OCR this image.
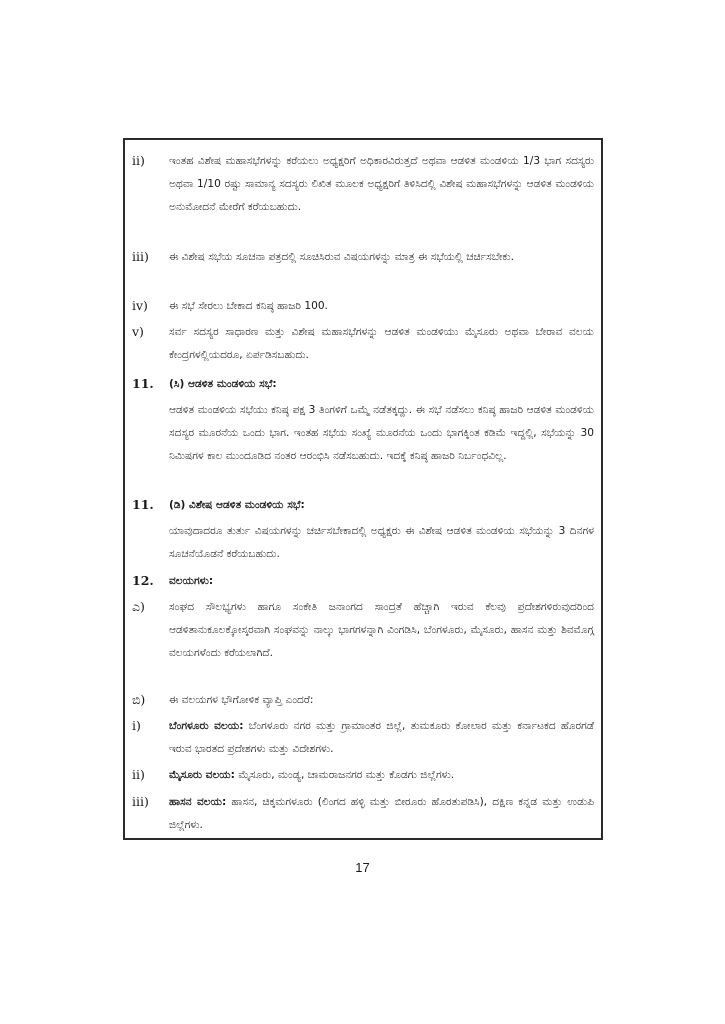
ii)	ಇಂತಹ ವಿಶೇಷ ಮಹಾಸಭೆಗಳನ್ನು ಕರೆಯಲು ಅಧ್ಯಕ್ಷರಿಗೆ ಅಧಿಕಾರವಿರುತ್ತದೆ ಅಥವಾ ಆಡಳಿತ ಮಂಡಳಿಯ 1/3 ಭಾಗ ಸದಸ್ಯರು ಅಥವಾ 1/10 ರಷ್ಟು ಸಾಮಾನ್ಯ ಸದಸ್ಯರು ಲಿಖಿತ ಮೂಲಕ ಅಧ್ಯಕ್ಷರಿಗೆ ತಿಳಿಸಿದಲ್ಲಿ ವಿಶೇಷ ಮಹಾಸಭೆಗಳನ್ನು ಆಡಳಿತ ಮಂಡಳಿಯ ಅನುಮೋದನೆ ಮೇರೆಗೆ ಕರೆಯಬಹುದು.
iii)	ಈ ವಿಶೇಷ ಸಭೆಯ ಸೂಚನಾ ಪತ್ರದಲ್ಲಿ ಸೂಚಿಸಿರುವ ವಿಷಯಗಳನ್ನು ಮಾತ್ರ ಈ ಸಭೆಯಲ್ಲಿ ಚರ್ಚಿಸಬೇಕು.
iv)	ಈ ಸಭೆ ಸೇರಲು ಬೇಕಾದ ಕನಿಷ್ಠ ಹಾಜರಿ 100.
v)	ಸರ್ವ ಸದಸ್ಯರ ಸಾಧಾರಣ ಮತ್ತು ವಿಶೇಷ ಮಹಾಸಭೆಗಳನ್ನು ಆಡಳಿತ ಮಂಡಳಿಯು ಮೈಸೂರು ಅಥವಾ ಬೇರಾವ ವಲಯ ಕೇಂದ್ರಗಳಲ್ಲಿಯದರೂ, ಏರ್ಪಡಿಸಬಹುದು.
11.	(ಸಿ) ಆಡಳಿತ ಮಂಡಳಿಯ ಸಭೆ:
ಆಡಳಿತ ಮಂಡಳಿಯ ಸಭೆಯು ಕನಿಷ್ಠ ಪಕ್ಷ 3 ತಿಂಗಳಿಗೆ ಒಮ್ಮೆ ನಡೆತಕ್ಕದ್ದು. ಈ ಸಭೆ ನಡೆಸಲು ಕನಿಷ್ಠ ಹಾಜರಿ ಆಡಳಿತ ಮಂಡಳಿಯ ಸದಸ್ಯರ ಮೂರನೆಯ ಒಂದು ಭಾಗ. ಇಂತಹ ಸಭೆಯ ಸಂಖ್ಯೆ ಮೂರನೆಯ ಒಂದು ಭಾಗಕ್ಕಿಂತ ಕಡಿಮೆ ಇದ್ದಲ್ಲಿ, ಸಭೆಯನ್ನು 30 ನಿಮಿಷಗಳ ಕಾಲ ಮುಂದೂಡಿದ ನಂತರ ಆರಂಭಿಸಿ ನಡೆಸಬಹುದು. ಇದಕ್ಕೆ ಕನಿಷ್ಠ ಹಾಜರಿ ನಿರ್ಬಂಧವಿಲ್ಲ.
11.	(ಡಿ) ವಿಶೇಷ ಆಡಳಿತ ಮಂಡಳಿಯ ಸಭೆ:
ಯಾವುದಾದರೂ ತುರ್ತು ವಿಷಯಗಳನ್ನು ಚರ್ಚಿಸಬೇಕಾದಲ್ಲಿ ಅಧ್ಯಕ್ಷರು ಈ ವಿಶೇಷ ಆಡಳಿತ ಮಂಡಳಿಯ ಸಭೆಯನ್ನು 3 ದಿನಗಳ ಸೂಚನೆಯೊಡನೆ ಕರೆಯಬಹುದು.
12.	ವಲಯಗಳು:
ಎ)	ಸಂಘದ ಸೌಲಭ್ಯಗಳು ಹಾಗೂ ಸಂಕೇತಿ ಜನಾಂಗದ ಸಾಂದ್ರತೆ ಹೆಚ್ಚಾಗಿ ಇರುವ ಕೆಲವು ಪ್ರದೇಶಗಳಿರುವುದರಿಂದ ಆಡಳಿತಾನುಕೂಲಕ್ಕೋಸ್ಕರವಾಗಿ ಸಂಘವನ್ನು ನಾಲ್ಕು ಭಾಗಗಳನ್ನಾಗಿ ವಿಂಗಡಿಸಿ, ಬೆಂಗಳೂರು, ಮೈಸೂರು, ಹಾಸನ ಮತ್ತು ಶಿವಮೊಗ್ಗ ವಲಯಗಳೆಂದು ಕರೆಯಲಾಗಿದೆ.
ಬಿ)	ಈ ವಲಯಗಳ ಭೌಗೋಳಿಕ ವ್ಯಾಪ್ತಿ ಎಂದರೆ:
i)	ಬೆಂಗಳೂರು ವಲಯ: ಬೆಂಗಳೂರು ನಗರ ಮತ್ತು ಗ್ರಾಮಾಂತರ ಜಿಲ್ಲೆ, ತುಮಕೂರು ಕೋಲಾರ ಮತ್ತು ಕರ್ನಾಟಕದ ಹೊರಗಡೆ ಇರುವ ಭಾರತದ ಪ್ರದೇಶಗಳು ಮತ್ತು ವಿದೇಶಗಳು.
ii)	ಮೈಸೂರು ವಲಯ: ಮೈಸೂರು, ಮಂಡ್ಯ, ಚಾಮರಾಜನಗರ ಮತ್ತು ಕೊಡಗು ಜಿಲ್ಲೆಗಳು.
iii)	ಹಾಸನ ವಲಯ: ಹಾಸನ, ಚಿಕ್ಕಮಗಳೂರು (ಲಿಂಗದ ಹಳ್ಳಿ ಮತ್ತು ಬೀರೂರು ಹೊರತುಪಡಿಸಿ), ದಕ್ಷಿಣ ಕನ್ನಡ ಮತ್ತು ಉಡುಪಿ ಜಿಲ್ಲೆಗಳು.
17
